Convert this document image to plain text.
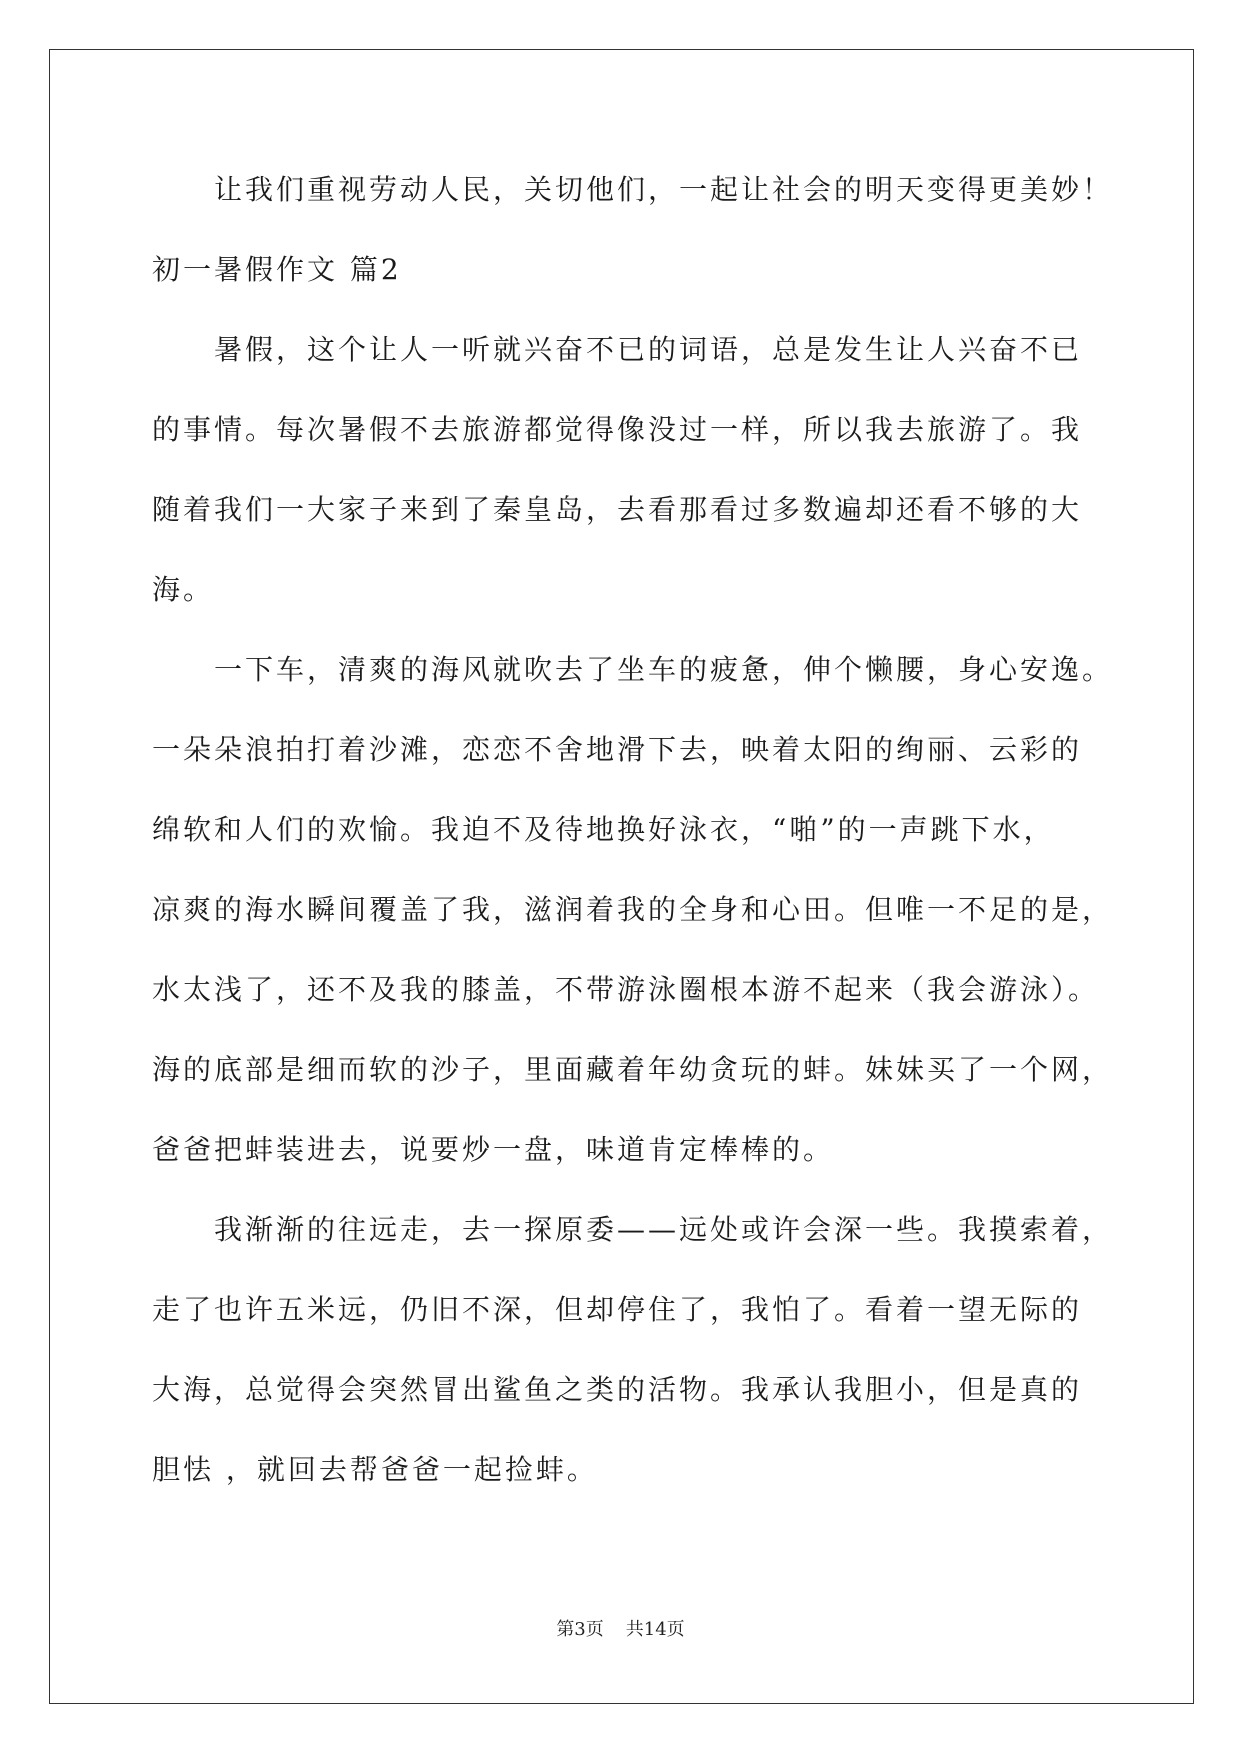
让我们重视劳动人民，关切他们，一起让社会的明天变得更美妙！
初一暑假作文 篇2
暑假，这个让人一听就兴奋不已的词语，总是发生让人兴奋不已
的事情。每次暑假不去旅游都觉得像没过一样，所以我去旅游了。我
随着我们一大家子来到了秦皇岛，去看那看过多数遍却还看不够的大
海。
一下车，清爽的海风就吹去了坐车的疲惫，伸个懒腰，身心安逸。
一朵朵浪拍打着沙滩，恋恋不舍地滑下去，映着太阳的绚丽、云彩的
绵软和人们的欢愉。我迫不及待地换好泳衣，“啪”的一声跳下水，
凉爽的海水瞬间覆盖了我，滋润着我的全身和心田。但唯一不足的是，
水太浅了，还不及我的膝盖，不带游泳圈根本游不起来（我会游泳）。
海的底部是细而软的沙子，里面藏着年幼贪玩的蚌。妹妹买了一个网，
爸爸把蚌装进去，说要炒一盘，味道肯定棒棒的。
我渐渐的往远走，去一探原委——远处或许会深一些。我摸索着，
走了也许五米远，仍旧不深，但却停住了，我怕了。看着一望无际的
大海，总觉得会突然冒出鲨鱼之类的活物。我承认我胆小，但是真的
胆怯 ，就回去帮爸爸一起捡蚌。
第3页 共14页
